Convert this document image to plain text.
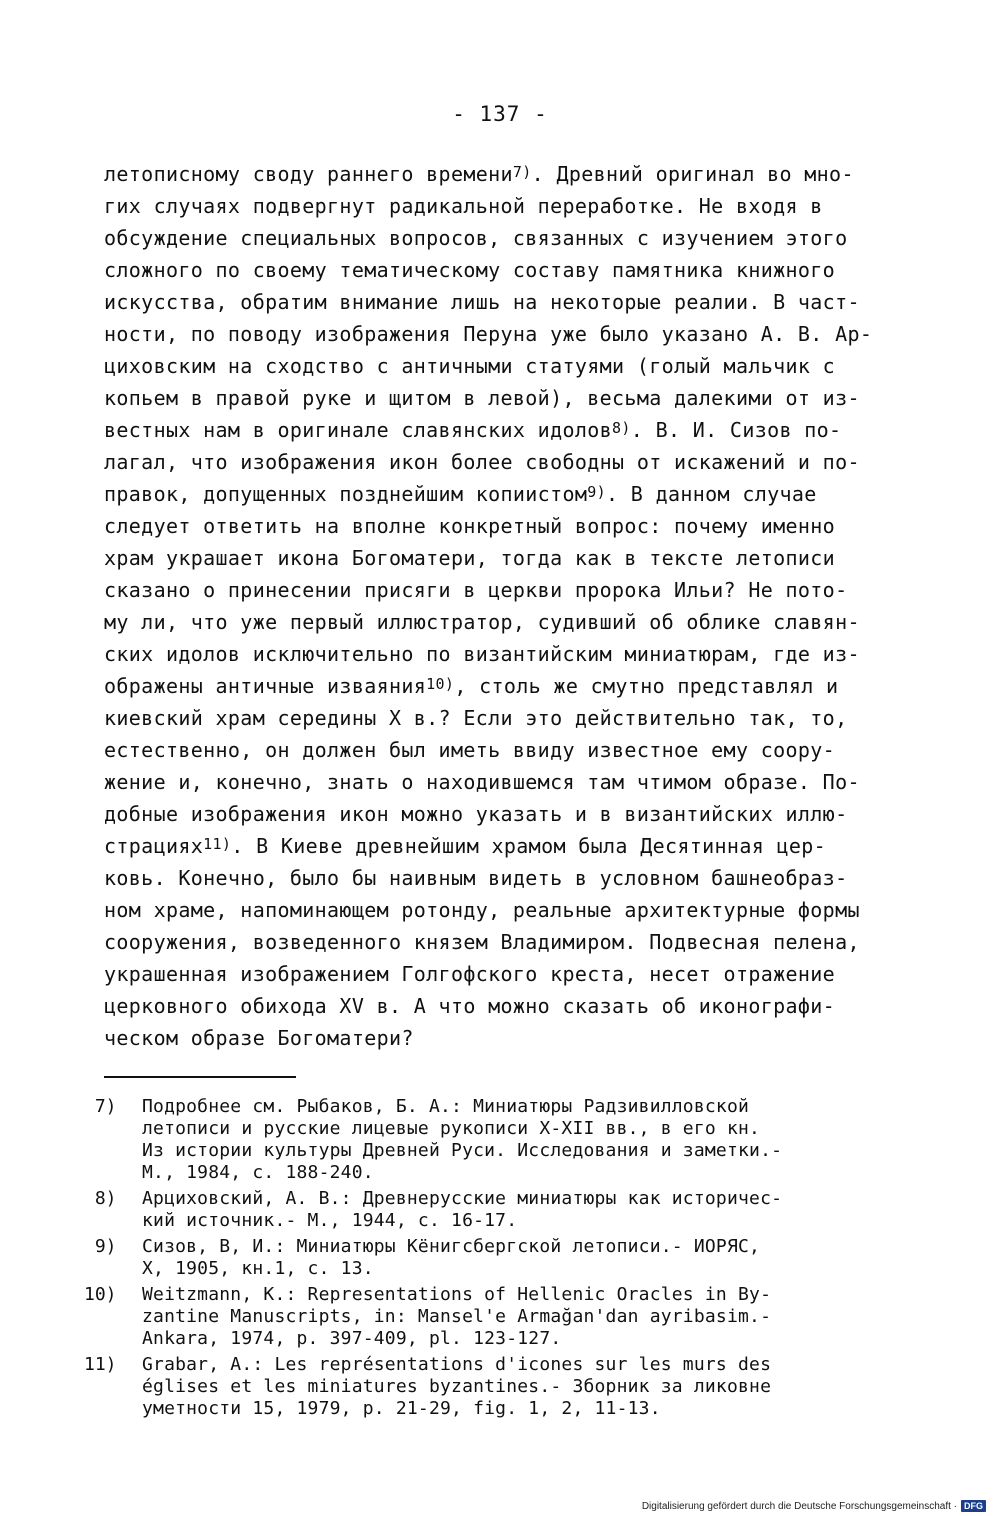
- 137 -
летописному своду раннего времени$^{7)}$. Древний оригинал во мно-
гих случаях подвергнут радикальной переработке. Не входя в
обсуждение специальных вопросов, связанных с изучением этого
сложного по своему тематическому составу памятника книжного
искусства, обратим внимание лишь на некоторые реалии. В част-
ности, по поводу изображения Перуна уже было указано А. В. Ар-
циховским на сходство с античными статуями (голый мальчик с
копьем в правой руке и щитом в левой), весьма далекими от из-
вестных нам в оригинале славянских идолов$^{8)}$. В. И. Сизов по-
лагал, что изображения икон более свободны от искажений и по-
правок, допущенных позднейшим копиистом$^{9)}$. В данном случае
следует ответить на вполне конкретный вопрос: почему именно
храм украшает икона Богоматери, тогда как в тексте летописи
сказано о принесении присяги в церкви пророка Ильи? Не пото-
му ли, что уже первый иллюстратор, судивший об облике славян-
ских идолов исключительно по византийским миниатюрам, где из-
ображены античные изваяния$^{10)}$, столь же смутно представлял и
киевский храм середины X в.? Если это действительно так, то,
естественно, он должен был иметь ввиду известное ему соору-
жение и, конечно, знать о находившемся там чтимом образе. По-
добные изображения икон можно указать и в византийских иллю-
страциях$^{11)}$. В Киеве древнейшим храмом была Десятинная цер-
ковь. Конечно, было бы наивным видеть в условном башнеобраз-
ном храме, напоминающем ротонду, реальные архитектурные формы
сооружения, возведенного князем Владимиром. Подвесная пелена,
украшенная изображением Голгофского креста, несет отражение
церковного обихода XV в. А что можно сказать об иконографи-
ческом образе Богоматери?
7)	Подробнее см. Рыбаков, Б. А.: Миниатюры Радзивилловской
летописи и русские лицевые рукописи X-XII вв., в его кн.
Из истории культуры Древней Руси. Исследования и заметки.-
М., 1984, с. 188-240.
8)	Арциховский, А. В.: Древнерусские миниатюры как историчес-
кий источник.- М., 1944, с. 16-17.
9)	Сизов, В, И.: Миниатюры Кёнигсбергской летописи.- ИОРЯС,
X, 1905, кн.1, с. 13.
10)	Weitzmann, K.: Representations of Hellenic Oracles in By-
zantine Manuscripts, in: Mansel'e Armağan'dan ayribasim.-
Ankara, 1974, p. 397-409, pl. 123-127.
11)	Grabar, A.: Les représentations d'icones sur les murs des
églises et les miniatures byzantines.- Зборник за ликовне
уметности 15, 1979, p. 21-29, fig. 1, 2, 11-13.
Digitalisierung gefördert durch die Deutsche Forschungsgemeinschaft · DFG
